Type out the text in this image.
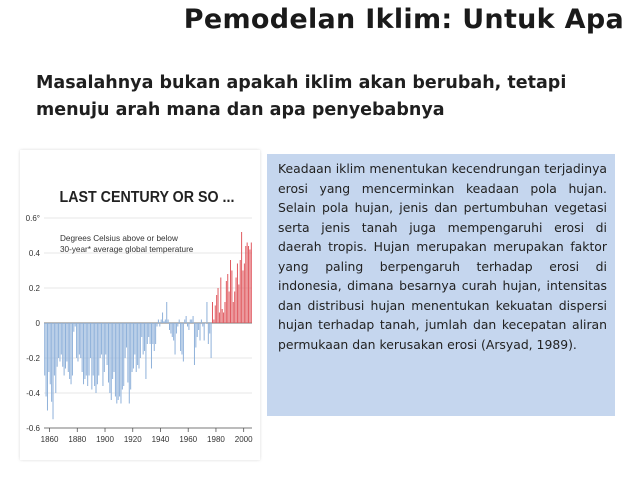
Pemodelan Iklim: Untuk Apa
Masalahnya bukan apakah iklim akan berubah, tetapi menuju arah mana dan apa penyebabnya
LAST CENTURY OR SO ...
0.6°
0.4
0.2
0
-0.2
-0.4
-0.6
1860 1880 1900 1920 1940 1960 1980 2000
Degrees Celsius above or below
30-year* average global temperature

Keadaan iklim menentukan kecendrungan terjadinya erosi yang mencerminkan keadaan pola hujan. Selain pola hujan, jenis dan pertumbuhan vegetasi serta jenis tanah juga mempengaruhi erosi di daerah tropis. Hujan merupakan merupakan faktor yang paling berpengaruh terhadap erosi di indonesia, dimana besarnya curah hujan, intensitas dan distribusi hujan menentukan kekuatan dispersi hujan terhadap tanah, jumlah dan kecepatan aliran permukaan dan kerusakan erosi (Arsyad, 1989).
